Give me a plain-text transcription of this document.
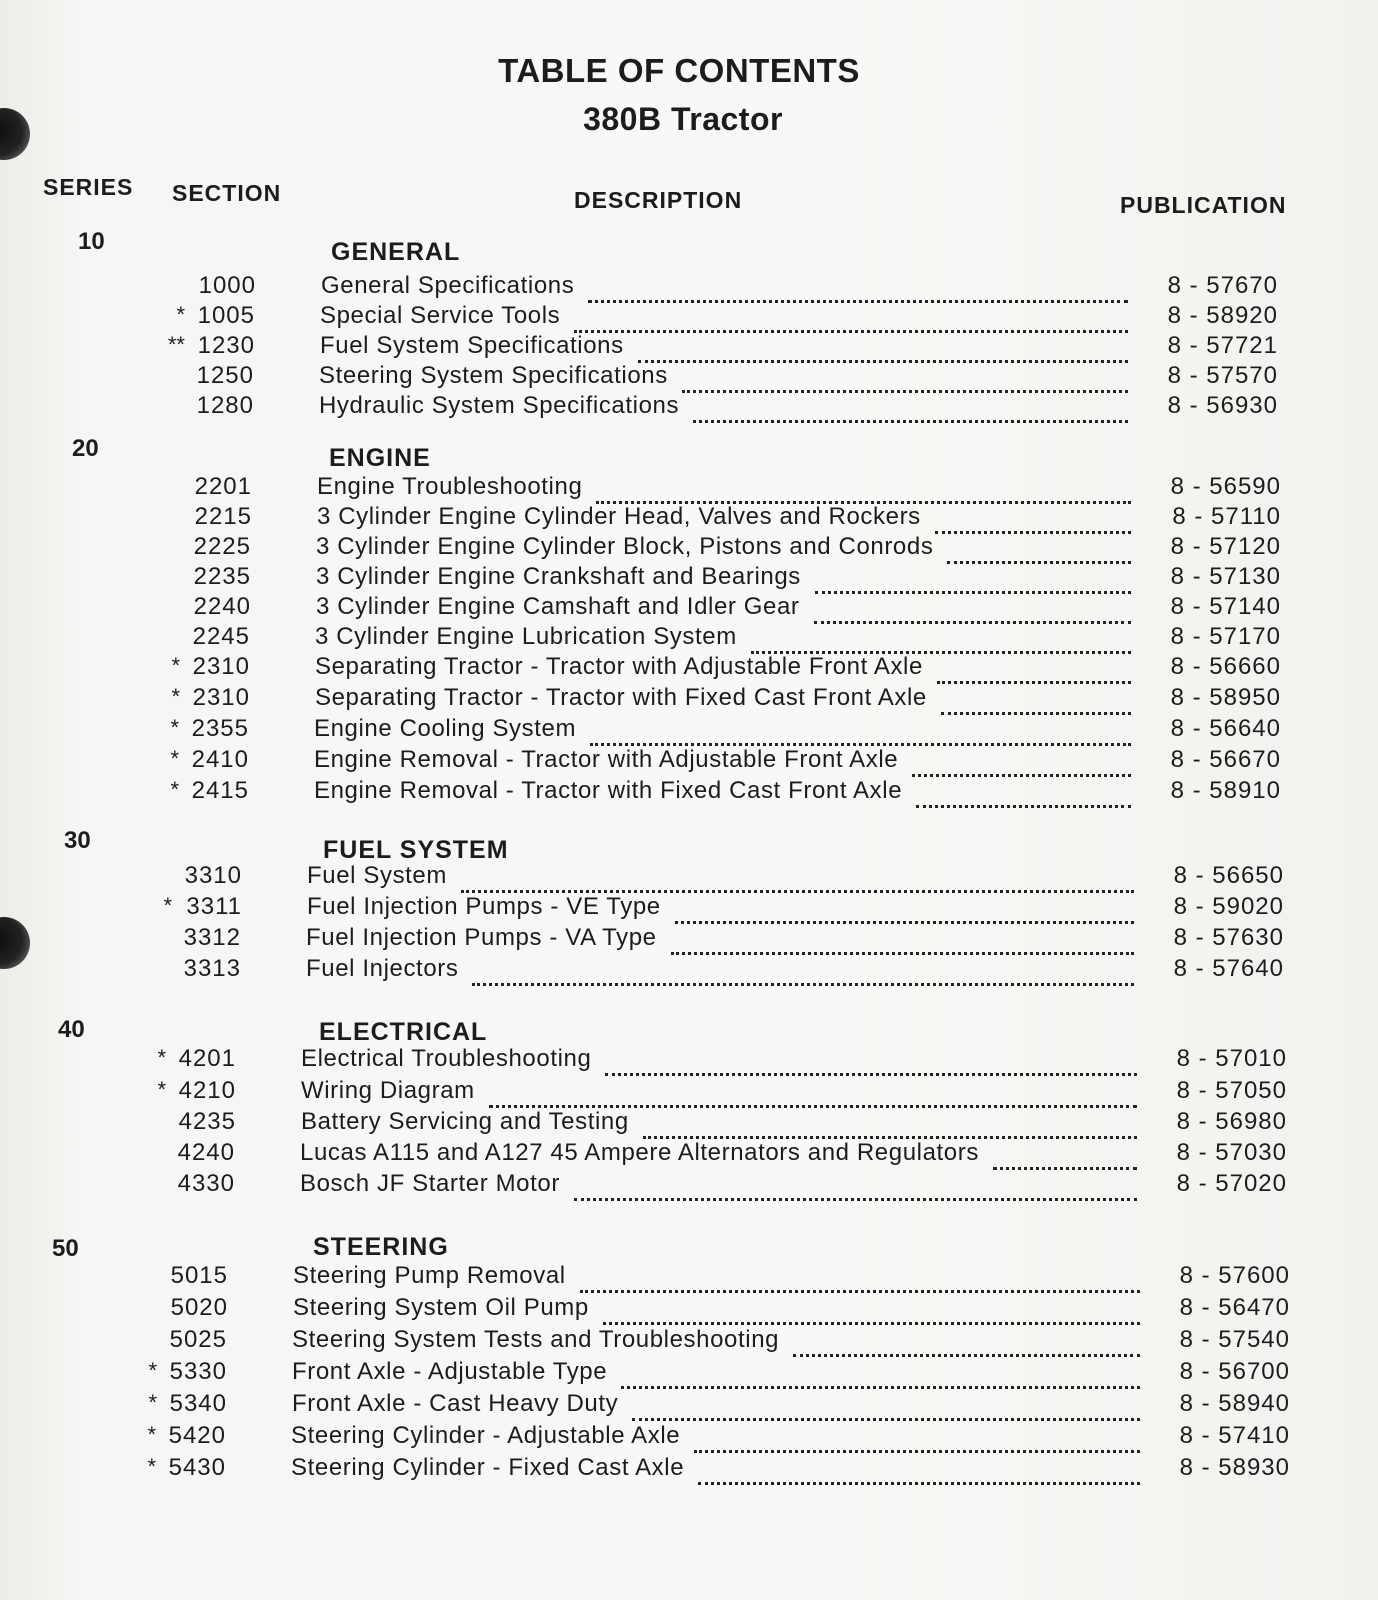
TABLE OF CONTENTS
380B Tractor
SERIES SECTION	DESCRIPTION	PUBLICATION
10	GENERAL
1000	General Specifications	8 - 57670
* 1005	Special Service Tools	8 - 58920
** 1230	Fuel System Specifications	8 - 57721
1250	Steering System Specifications	8 - 57570
1280	Hydraulic System Specifications	8 - 56930
20	ENGINE
2201	Engine Troubleshooting	8 - 56590
2215	3 Cylinder Engine Cylinder Head, Valves and Rockers	8 - 57110
2225	3 Cylinder Engine Cylinder Block, Pistons and Conrods	8 - 57120
2235	3 Cylinder Engine Crankshaft and Bearings	8 - 57130
2240	3 Cylinder Engine Camshaft and Idler Gear	8 - 57140
2245	3 Cylinder Engine Lubrication System	8 - 57170
* 2310	Separating Tractor - Tractor with Adjustable Front Axle	8 - 56660
* 2310	Separating Tractor - Tractor with Fixed Cast Front Axle	8 - 58950
* 2355	Engine Cooling System	8 - 56640
* 2410	Engine Removal - Tractor with Adjustable Front Axle	8 - 56670
* 2415	Engine Removal - Tractor with Fixed Cast Front Axle	8 - 58910
30	FUEL SYSTEM
3310	Fuel System	8 - 56650
* 3311	Fuel Injection Pumps - VE Type	8 - 59020
3312	Fuel Injection Pumps - VA Type	8 - 57630
3313	Fuel Injectors	8 - 57640
40	ELECTRICAL
* 4201	Electrical Troubleshooting	8 - 57010
* 4210	Wiring Diagram	8 - 57050
4235	Battery Servicing and Testing	8 - 56980
4240	Lucas A115 and A127 45 Ampere Alternators and Regulators	8 - 57030
4330	Bosch JF Starter Motor	8 - 57020
50	STEERING
5015	Steering Pump Removal	8 - 57600
5020	Steering System Oil Pump	8 - 56470
5025	Steering System Tests and Troubleshooting	8 - 57540
* 5330	Front Axle - Adjustable Type	8 - 56700
* 5340	Front Axle - Cast Heavy Duty	8 - 58940
* 5420	Steering Cylinder - Adjustable Axle	8 - 57410
* 5430	Steering Cylinder - Fixed Cast Axle	8 - 58930
